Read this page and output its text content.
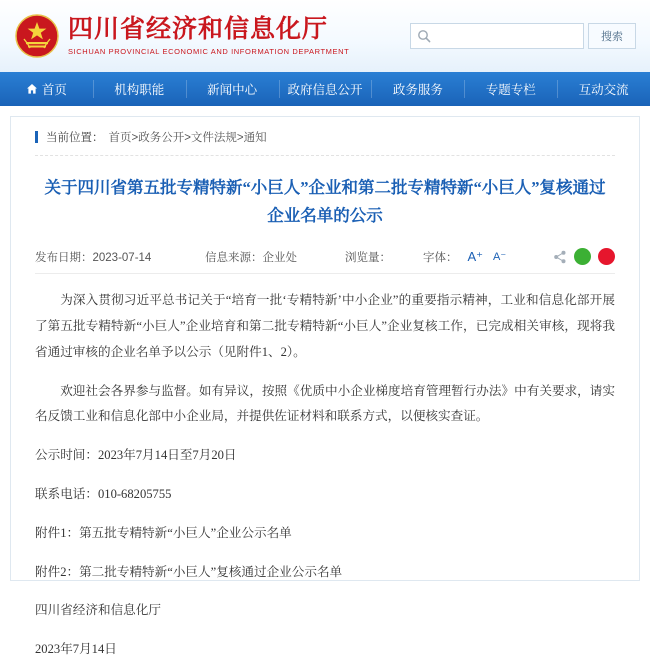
四川省经济和信息化厅
SICHUAN PROVINCIAL ECONOMIC AND INFORMATION DEPARTMENT
搜索
首页	机构职能	新闻中心 政府信息公开 政务服务	专题专栏	互动交流
当前位置： 首页>政务公开>文件法规>通知
关于四川省第五批专精特新“小巨人”企业和第二批专精特新“小巨人”复核通过企业名单的公示
发布日期：2023-07-14	信息来源：企业处	浏览量：	字体： A⁺ A⁻

为深入贯彻习近平总书记关于“培育一批‘专精特新’中小企业”的重要指示精神，工业和信息化部开展了第五批专精特新“小巨人”企业培育和第二批专精特新“小巨人”企业复核工作，已完成相关审核，现将我省通过审核的企业名单予以公示（见附件1、2）。

欢迎社会各界参与监督。如有异议，按照《优质中小企业梯度培育管理暂行办法》中有关要求，请实名反馈工业和信息化部中小企业局，并提供佐证材料和联系方式，以便核实查证。

公示时间：2023年7月14日至7月20日

联系电话：010-68205755

附件1：第五批专精特新“小巨人”企业公示名单

附件2：第二批专精特新“小巨人”复核通过企业公示名单

四川省经济和信息化厅

2023年7月14日
